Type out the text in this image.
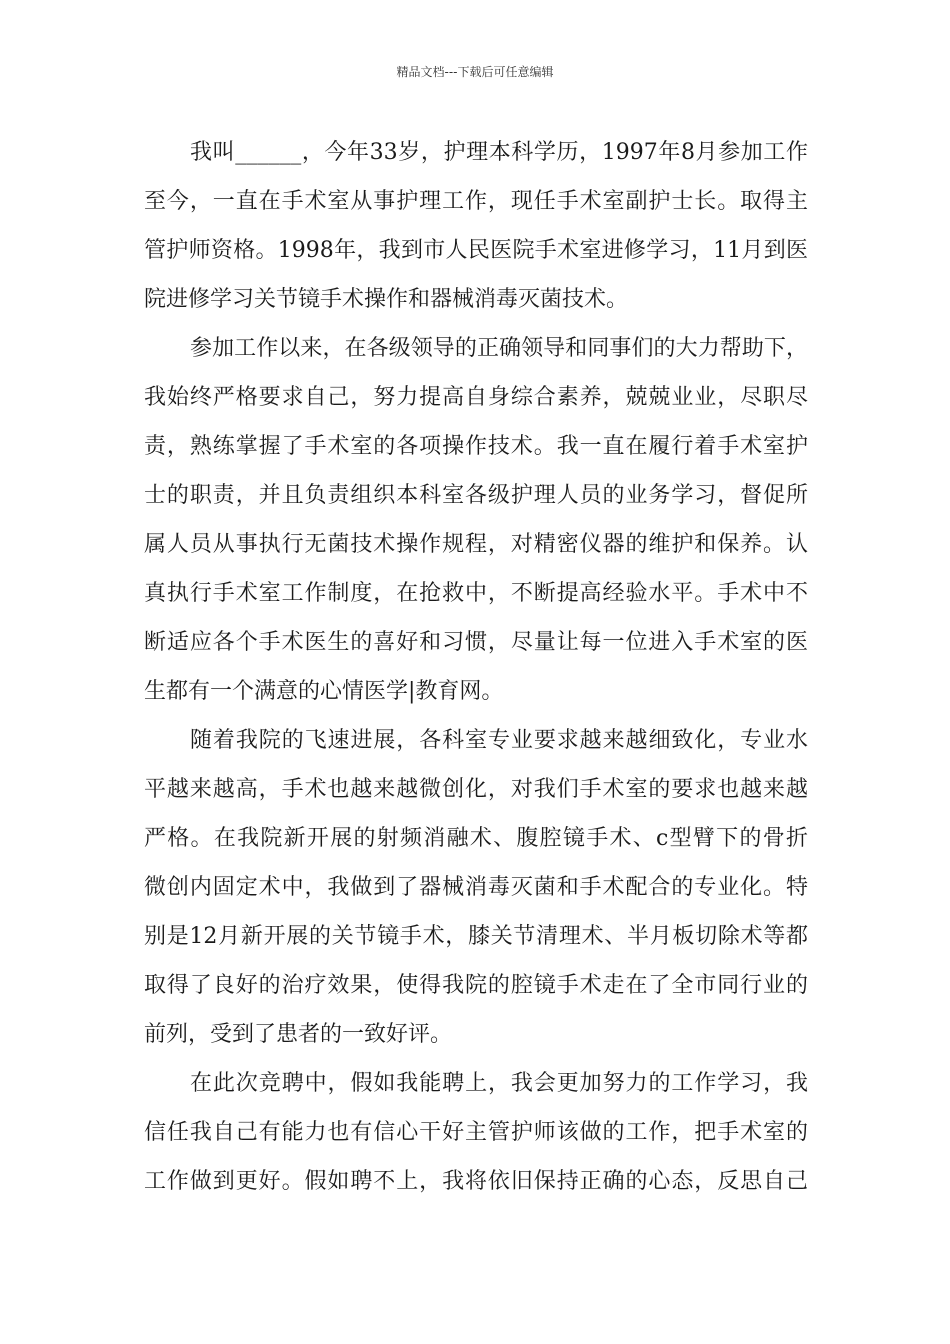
精品文档---下载后可任意编辑
我叫______，今年33岁，护理本科学历，1997年8月参加工作
至今，一直在手术室从事护理工作，现任手术室副护士长。取得主
管护师资格。1998年，我到市人民医院手术室进修学习，11月到医
院进修学习关节镜手术操作和器械消毒灭菌技术。
参加工作以来，在各级领导的正确领导和同事们的大力帮助下，
我始终严格要求自己，努力提高自身综合素养，兢兢业业，尽职尽
责，熟练掌握了手术室的各项操作技术。我一直在履行着手术室护
士的职责，并且负责组织本科室各级护理人员的业务学习，督促所
属人员从事执行无菌技术操作规程，对精密仪器的维护和保养。认
真执行手术室工作制度，在抢救中，不断提高经验水平。手术中不
断适应各个手术医生的喜好和习惯，尽量让每一位进入手术室的医
生都有一个满意的心情医学|教育网。
随着我院的飞速进展，各科室专业要求越来越细致化，专业水
平越来越高，手术也越来越微创化，对我们手术室的要求也越来越
严格。在我院新开展的射频消融术、腹腔镜手术、c型臂下的骨折
微创内固定术中，我做到了器械消毒灭菌和手术配合的专业化。特
别是12月新开展的关节镜手术，膝关节清理术、半月板切除术等都
取得了良好的治疗效果，使得我院的腔镜手术走在了全市同行业的
前列，受到了患者的一致好评。
在此次竞聘中，假如我能聘上，我会更加努力的工作学习，我
信任我自己有能力也有信心干好主管护师该做的工作，把手术室的
工作做到更好。假如聘不上，我将依旧保持正确的心态，反思自己
